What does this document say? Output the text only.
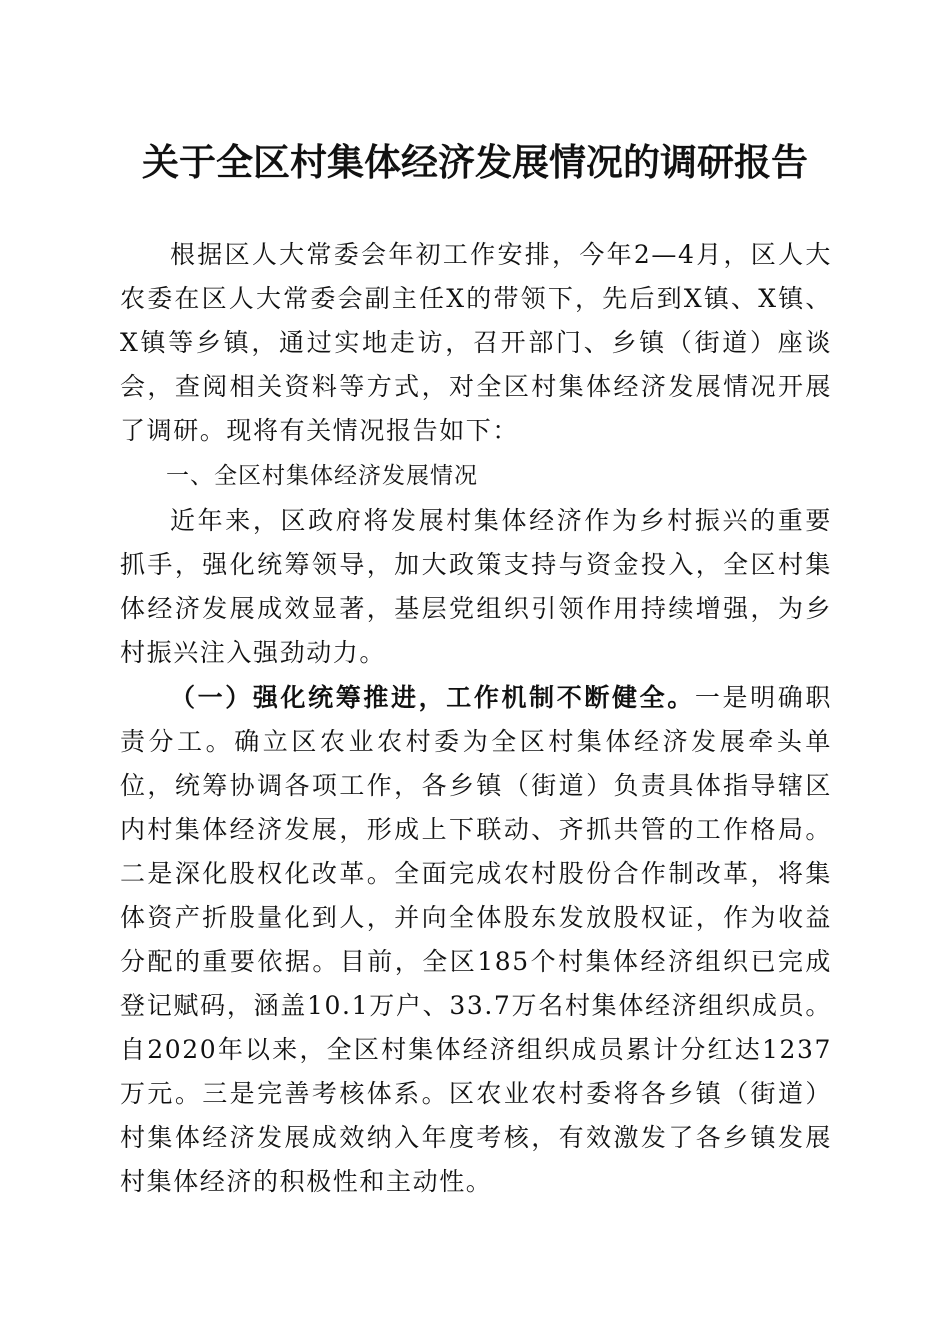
关于全区村集体经济发展情况的调研报告

根据区人大常委会年初工作安排，今年2—4月，区人大农委在区人大常委会副主任X的带领下，先后到X镇、X镇、X镇等乡镇，通过实地走访，召开部门、乡镇（街道）座谈会，查阅相关资料等方式，对全区村集体经济发展情况开展了调研。现将有关情况报告如下：

一、全区村集体经济发展情况

近年来，区政府将发展村集体经济作为乡村振兴的重要抓手，强化统筹领导，加大政策支持与资金投入，全区村集体经济发展成效显著，基层党组织引领作用持续增强，为乡村振兴注入强劲动力。

（一）强化统筹推进，工作机制不断健全。一是明确职责分工。确立区农业农村委为全区村集体经济发展牵头单位，统筹协调各项工作，各乡镇（街道）负责具体指导辖区内村集体经济发展，形成上下联动、齐抓共管的工作格局。二是深化股权化改革。全面完成农村股份合作制改革，将集体资产折股量化到人，并向全体股东发放股权证，作为收益分配的重要依据。目前，全区185个村集体经济组织已完成登记赋码，涵盖10.1万户、33.7万名村集体经济组织成员。自2020年以来，全区村集体经济组织成员累计分红达1237万元。三是完善考核体系。区农业农村委将各乡镇（街道）村集体经济发展成效纳入年度考核，有效激发了各乡镇发展村集体经济的积极性和主动性。
